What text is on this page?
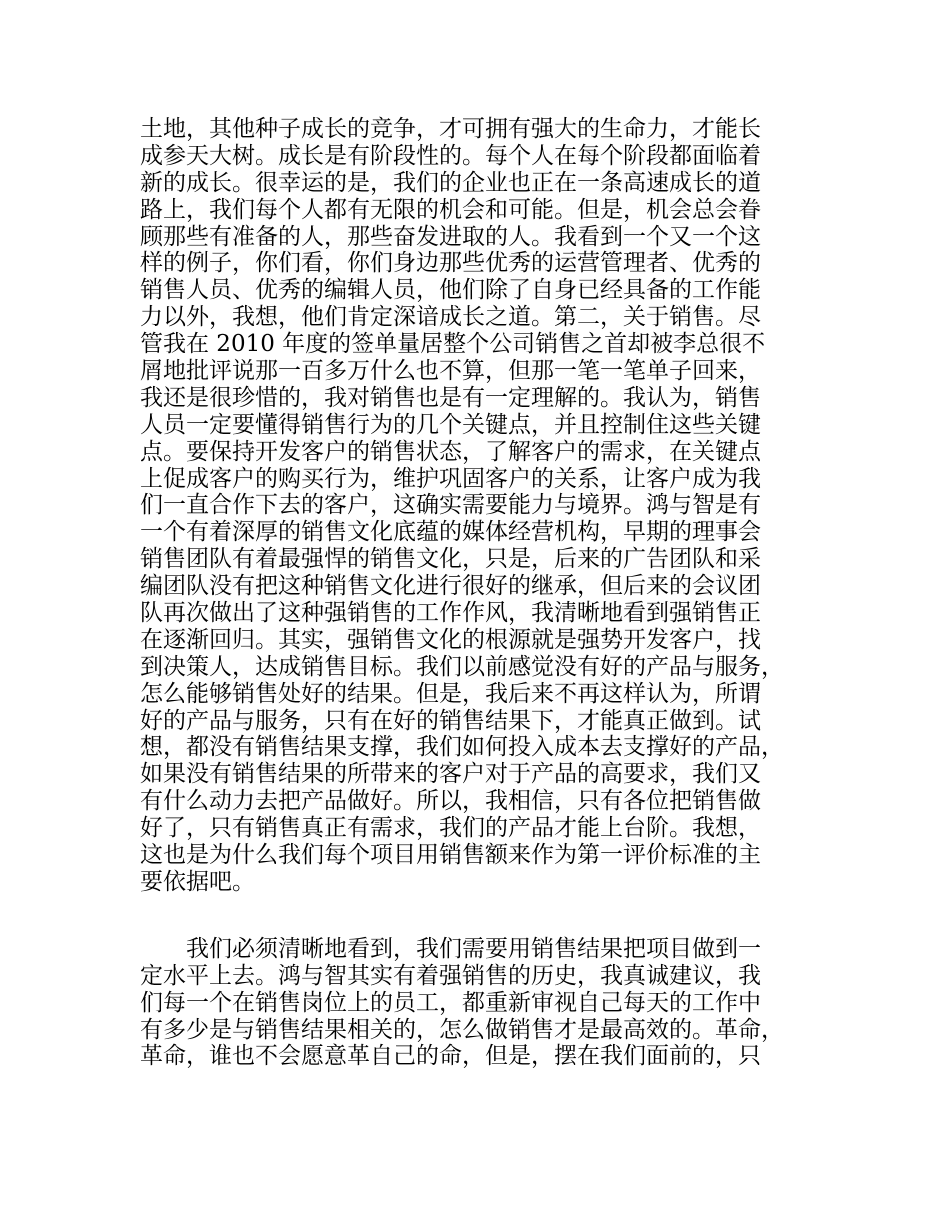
土地，其他种子成长的竞争，才可拥有强大的生命力，才能长
成参天大树。成长是有阶段性的。每个人在每个阶段都面临着
新的成长。很幸运的是，我们的企业也正在一条高速成长的道
路上，我们每个人都有无限的机会和可能。但是，机会总会眷
顾那些有准备的人，那些奋发进取的人。我看到一个又一个这
样的例子，你们看，你们身边那些优秀的运营管理者、优秀的
销售人员、优秀的编辑人员，他们除了自身已经具备的工作能
力以外，我想，他们肯定深谙成长之道。第二，关于销售。尽
管我在 2010 年度的签单量居整个公司销售之首却被李总很不
屑地批评说那一百多万什么也不算，但那一笔一笔单子回来，
我还是很珍惜的，我对销售也是有一定理解的。我认为，销售
人员一定要懂得销售行为的几个关键点，并且控制住这些关键
点。要保持开发客户的销售状态，了解客户的需求，在关键点
上促成客户的购买行为，维护巩固客户的关系，让客户成为我
们一直合作下去的客户，这确实需要能力与境界。鸿与智是有
一个有着深厚的销售文化底蕴的媒体经营机构，早期的理事会
销售团队有着最强悍的销售文化，只是，后来的广告团队和采
编团队没有把这种销售文化进行很好的继承，但后来的会议团
队再次做出了这种强销售的工作作风，我清晰地看到强销售正
在逐渐回归。其实，强销售文化的根源就是强势开发客户，找
到决策人，达成销售目标。我们以前感觉没有好的产品与服务，
怎么能够销售处好的结果。但是，我后来不再这样认为，所谓
好的产品与服务，只有在好的销售结果下，才能真正做到。试
想，都没有销售结果支撑，我们如何投入成本去支撑好的产品，
如果没有销售结果的所带来的客户对于产品的高要求，我们又
有什么动力去把产品做好。所以，我相信，只有各位把销售做
好了，只有销售真正有需求，我们的产品才能上台阶。我想，
这也是为什么我们每个项目用销售额来作为第一评价标准的主
要依据吧。
我们必须清晰地看到，我们需要用销售结果把项目做到一
定水平上去。鸿与智其实有着强销售的历史，我真诚建议，我
们每一个在销售岗位上的员工，都重新审视自己每天的工作中
有多少是与销售结果相关的，怎么做销售才是最高效的。革命，
革命，谁也不会愿意革自己的命，但是，摆在我们面前的，只
